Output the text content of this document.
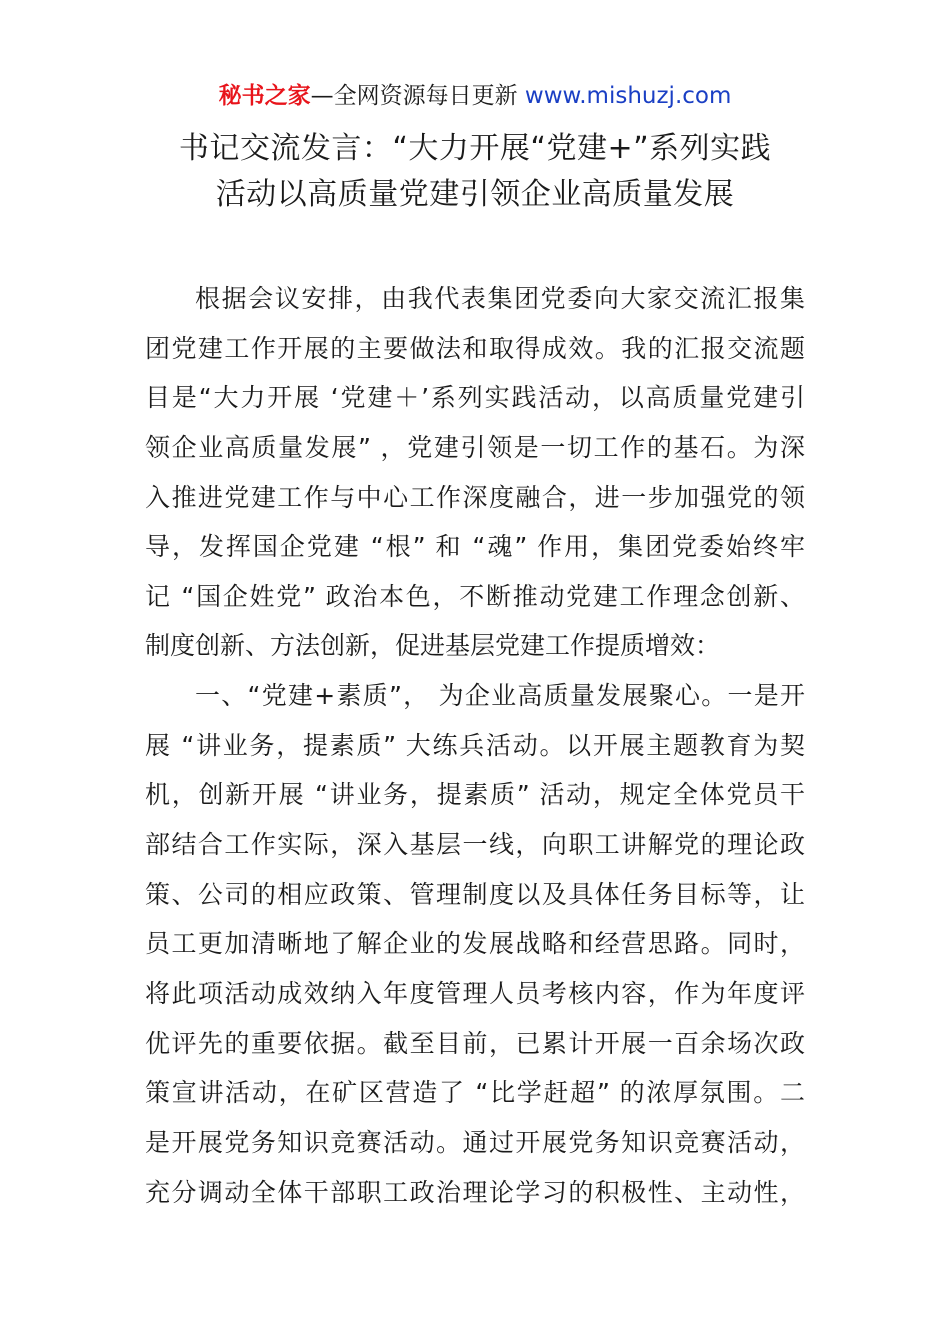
秘书之家—全网资源每日更新 www.mishuzj.com
书记交流发言：“大力开展“党建+”系列实践
活动以高质量党建引领企业高质量发展
根据会议安排，由我代表集团党委向大家交流汇报集
团党建工作开展的主要做法和取得成效。我的汇报交流题
目是“大力开展 ‘党建＋’系列实践活动，以高质量党建引
领企业高质量发展” ，党建引领是一切工作的基石。为深
入推进党建工作与中心工作深度融合，进一步加强党的领
导，发挥国企党建 “根” 和 “魂” 作用，集团党委始终牢
记 “国企姓党” 政治本色，不断推动党建工作理念创新、
制度创新、方法创新，促进基层党建工作提质增效：
一、“党建+素质”， 为企业高质量发展聚心。一是开
展 “讲业务，提素质” 大练兵活动。以开展主题教育为契
机，创新开展 “讲业务，提素质” 活动，规定全体党员干
部结合工作实际，深入基层一线，向职工讲解党的理论政
策、公司的相应政策、管理制度以及具体任务目标等，让
员工更加清晰地了解企业的发展战略和经营思路。同时，
将此项活动成效纳入年度管理人员考核内容，作为年度评
优评先的重要依据。截至目前，已累计开展一百余场次政
策宣讲活动，在矿区营造了 “比学赶超” 的浓厚氛围。二
是开展党务知识竞赛活动。通过开展党务知识竞赛活动，
充分调动全体干部职工政治理论学习的积极性、主动性，
